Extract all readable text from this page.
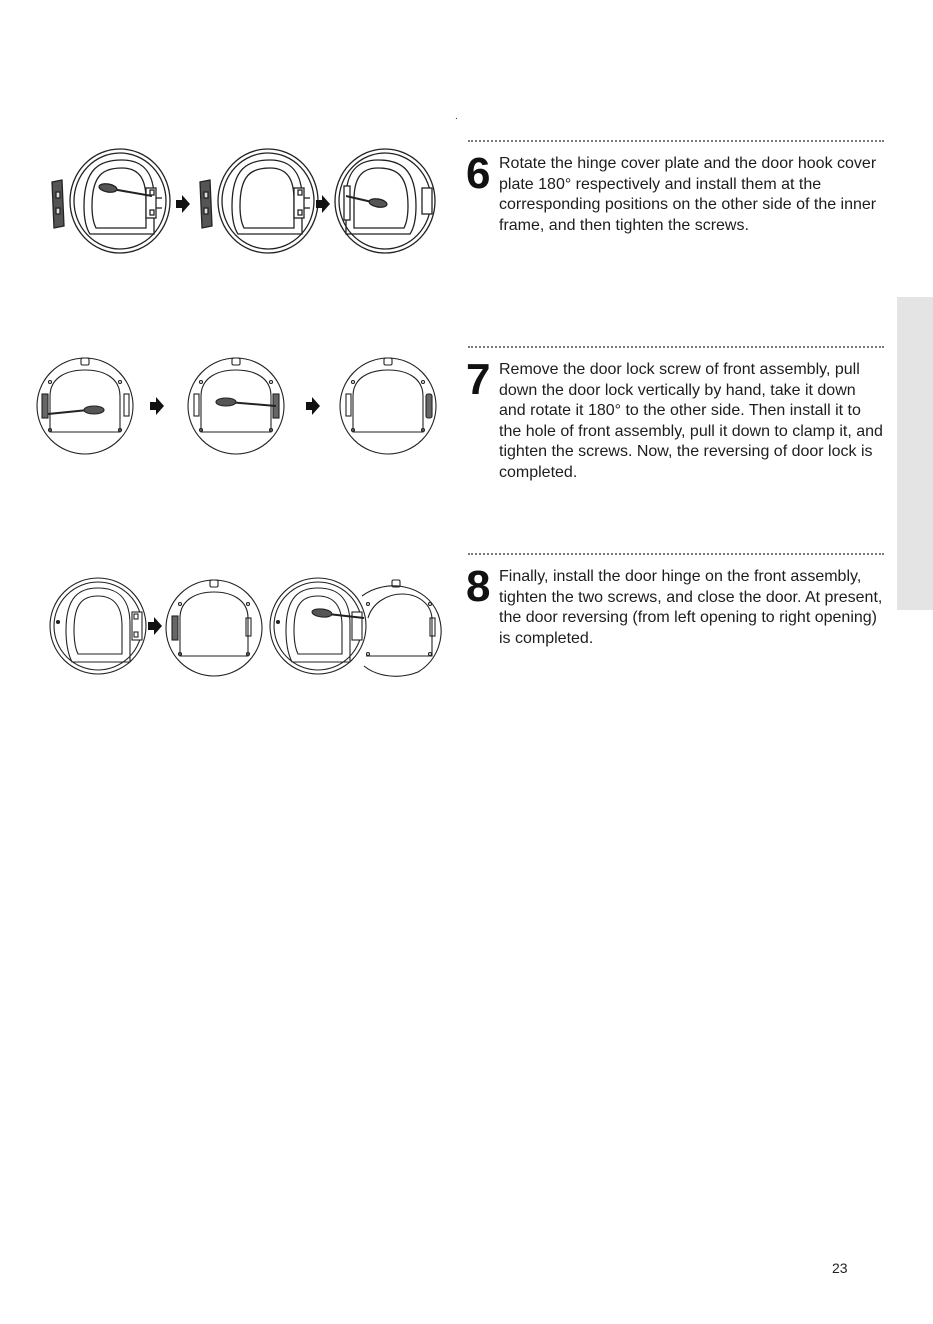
.
6 Rotate the hinge cover plate and the door hook cover plate 180° respectively and install them at the corresponding positions on the other side of the inner frame, and then tighten the screws.
7 Remove the door lock screw of front assembly, pull down the door lock vertically by hand, take it down and rotate it 180° to the other side. Then install it to the hole of front assembly, pull it down to clamp it, and tighten the screws. Now, the reversing of door lock is completed.
8 Finally, install the door hinge on the front assembly, tighten the two screws, and close the door. At present, the door reversing (from left opening to right opening) is completed.
23
